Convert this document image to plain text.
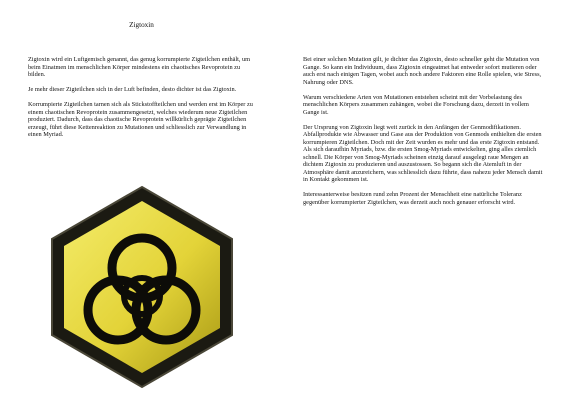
Zigtoxin

Zigtoxin wird ein Luftgemisch genannt, das genug korrumpierte Zigteilchen enthält, um beim Einatmen im menschlichen Körper mindestens ein chaotisches Revoprotein zu bilden.

Je mehr dieser Zigteilchen sich in der Luft befinden, desto dichter ist das Zigtoxin.

Korrumpierte Zigteilchen tarnen sich als Stickstoffteilchen und werden erst im Körper zu einem chaotischen Revoprotein zusammengesetzt, welches wiederum neue Zigteilchen produziert. Dadurch, dass das chaotische Revoprotein willkürlich geprägte Zigteilchen erzeugt, führt diese Kettenreaktion zu Mutationen und schliesslich zur Verwandlung in einen Myriad.

Bei einer solchen Mutation gilt, je dichter das Zigtoxin, desto schneller geht die Mutation von Gange. So kann ein Individuum, dass Zigtoxin eingeatmet hat entweder sofort mutieren oder auch erst nach einigen Tagen, wobei auch noch andere Faktoren eine Rolle spielen, wie Stress, Nahrung oder DNS.

Warum verschiedene Arten von Mutationen entstehen scheint mit der Vorbelastung des menschlichen Körpers zusammen zuhängen, wobei die Forschung dazu, derzeit in vollem Gange ist.

Der Ursprung von Zigtoxin liegt weit zurück in den Anfängen der Genmodifikationen. Abfallprodukte wie Abwasser und Gase aus der Produktion von Genmods enthielten die ersten korrumpieren Zigteilchen. Doch mit der Zeit wurden es mehr und das erste Zigtoxin entstand. Als sich daraufhin Myriads, bzw. die ersten Smog-Myriads entwickelten, ging alles ziemlich schnell. Die Körper von Smog-Myriads scheinen einzig darauf ausgelegt raue Mengen an dichtem Zigtoxin zu produzieren und auszustossen. So begann sich die Atemluft in der Atmosphäre damit anzureichern, was schliesslich dazu führte, dass nahezu jeder Mensch damit in Kontakt gekommen ist.

Interessanterweise besitzen rund zehn Prozent der Menschheit eine natürliche Toleranz gegenüber korrumpierter Zigteilchen, was derzeit auch noch genauer erforscht wird.
